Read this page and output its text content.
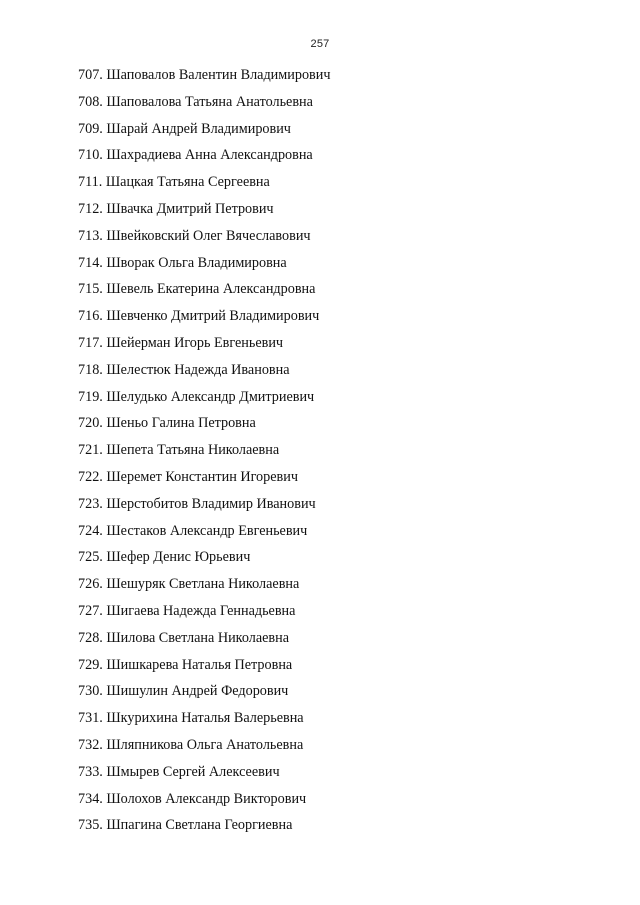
257
707. Шаповалов Валентин Владимирович
708. Шаповалова Татьяна Анатольевна
709. Шарай Андрей Владимирович
710. Шахрадиева Анна Александровна
711. Шацкая Татьяна Сергеевна
712. Швачка Дмитрий Петрович
713. Швейковский Олег Вячеславович
714. Шворак Ольга Владимировна
715. Шевель Екатерина Александровна
716. Шевченко Дмитрий Владимирович
717. Шейерман Игорь Евгеньевич
718. Шелестюк Надежда Ивановна
719. Шелудько Александр Дмитриевич
720. Шеньо Галина Петровна
721. Шепета Татьяна Николаевна
722. Шеремет Константин Игоревич
723. Шерстобитов Владимир Иванович
724. Шестаков Александр Евгеньевич
725. Шефер Денис Юрьевич
726. Шешуряк Светлана Николаевна
727. Шигаева Надежда Геннадьевна
728. Шилова Светлана Николаевна
729. Шишкарева Наталья Петровна
730. Шишулин Андрей Федорович
731. Шкурихина Наталья Валерьевна
732. Шляпникова Ольга Анатольевна
733. Шмырев Сергей Алексеевич
734. Шолохов Александр Викторович
735. Шпагина Светлана Георгиевна
